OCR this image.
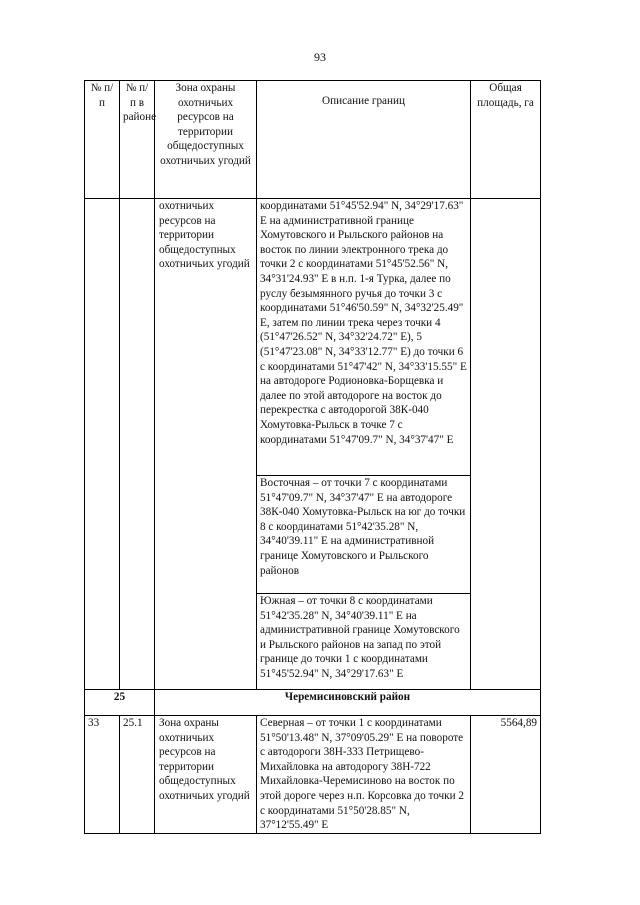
93
№ п/п	№ п/п в районе	Зона охраны охотничьих ресурсов на территории общедоступных охотничьих угодий	Описание границ	Общая площадь, га
		охотничьих ресурсов на территории общедоступных охотничьих угодий	координатами 51°45'52.94" N, 34°29'17.63" E на административной границе Хомутовского и Рыльского районов на восток по линии электронного трека до точки 2 с координатами 51°45'52.56" N, 34°31'24.93" E в н.п. 1-я Турка, далее по руслу безымянного ручья до точки 3 с координатами 51°46'50.59" N, 34°32'25.49" E, затем по линии трека через точки 4 (51°47'26.52" N, 34°32'24.72" E), 5 (51°47'23.08" N, 34°33'12.77" E) до точки 6 с координатами 51°47'42" N, 34°33'15.55" E на автодороге Родионовка-Борщевка и далее по этой автодороге на восток до перекрестка с автодорогой 38К-040 Хомутовка-Рыльск в точке 7 с координатами 51°47'09.7" N, 34°37'47" E	
			Восточная – от точки 7 с координатами 51°47'09.7" N, 34°37'47" E на автодороге 38К-040 Хомутовка-Рыльск на юг до точки 8 с координатами 51°42'35.28" N, 34°40'39.11" E на административной границе Хомутовского и Рыльского районов	
			Южная – от точки 8 с координатами 51°42'35.28" N, 34°40'39.11" E на административной границе Хомутовского и Рыльского районов на запад по этой границе до точки 1 с координатами 51°45'52.94" N, 34°29'17.63" E	
25		Черемисиновский район		
33	25.1	Зона охраны охотничьих ресурсов на территории общедоступных охотничьих угодий	Северная – от точки 1 с координатами 51°50'13.48" N, 37°09'05.29" E на повороте с автодороги 38Н-333 Петрищево-Михайловка на автодорогу 38Н-722 Михайловка-Черемисиново на восток по этой дороге через н.п. Корсовка до точки 2 с координатами 51°50'28.85" N, 37°12'55.49" E	5564,89
